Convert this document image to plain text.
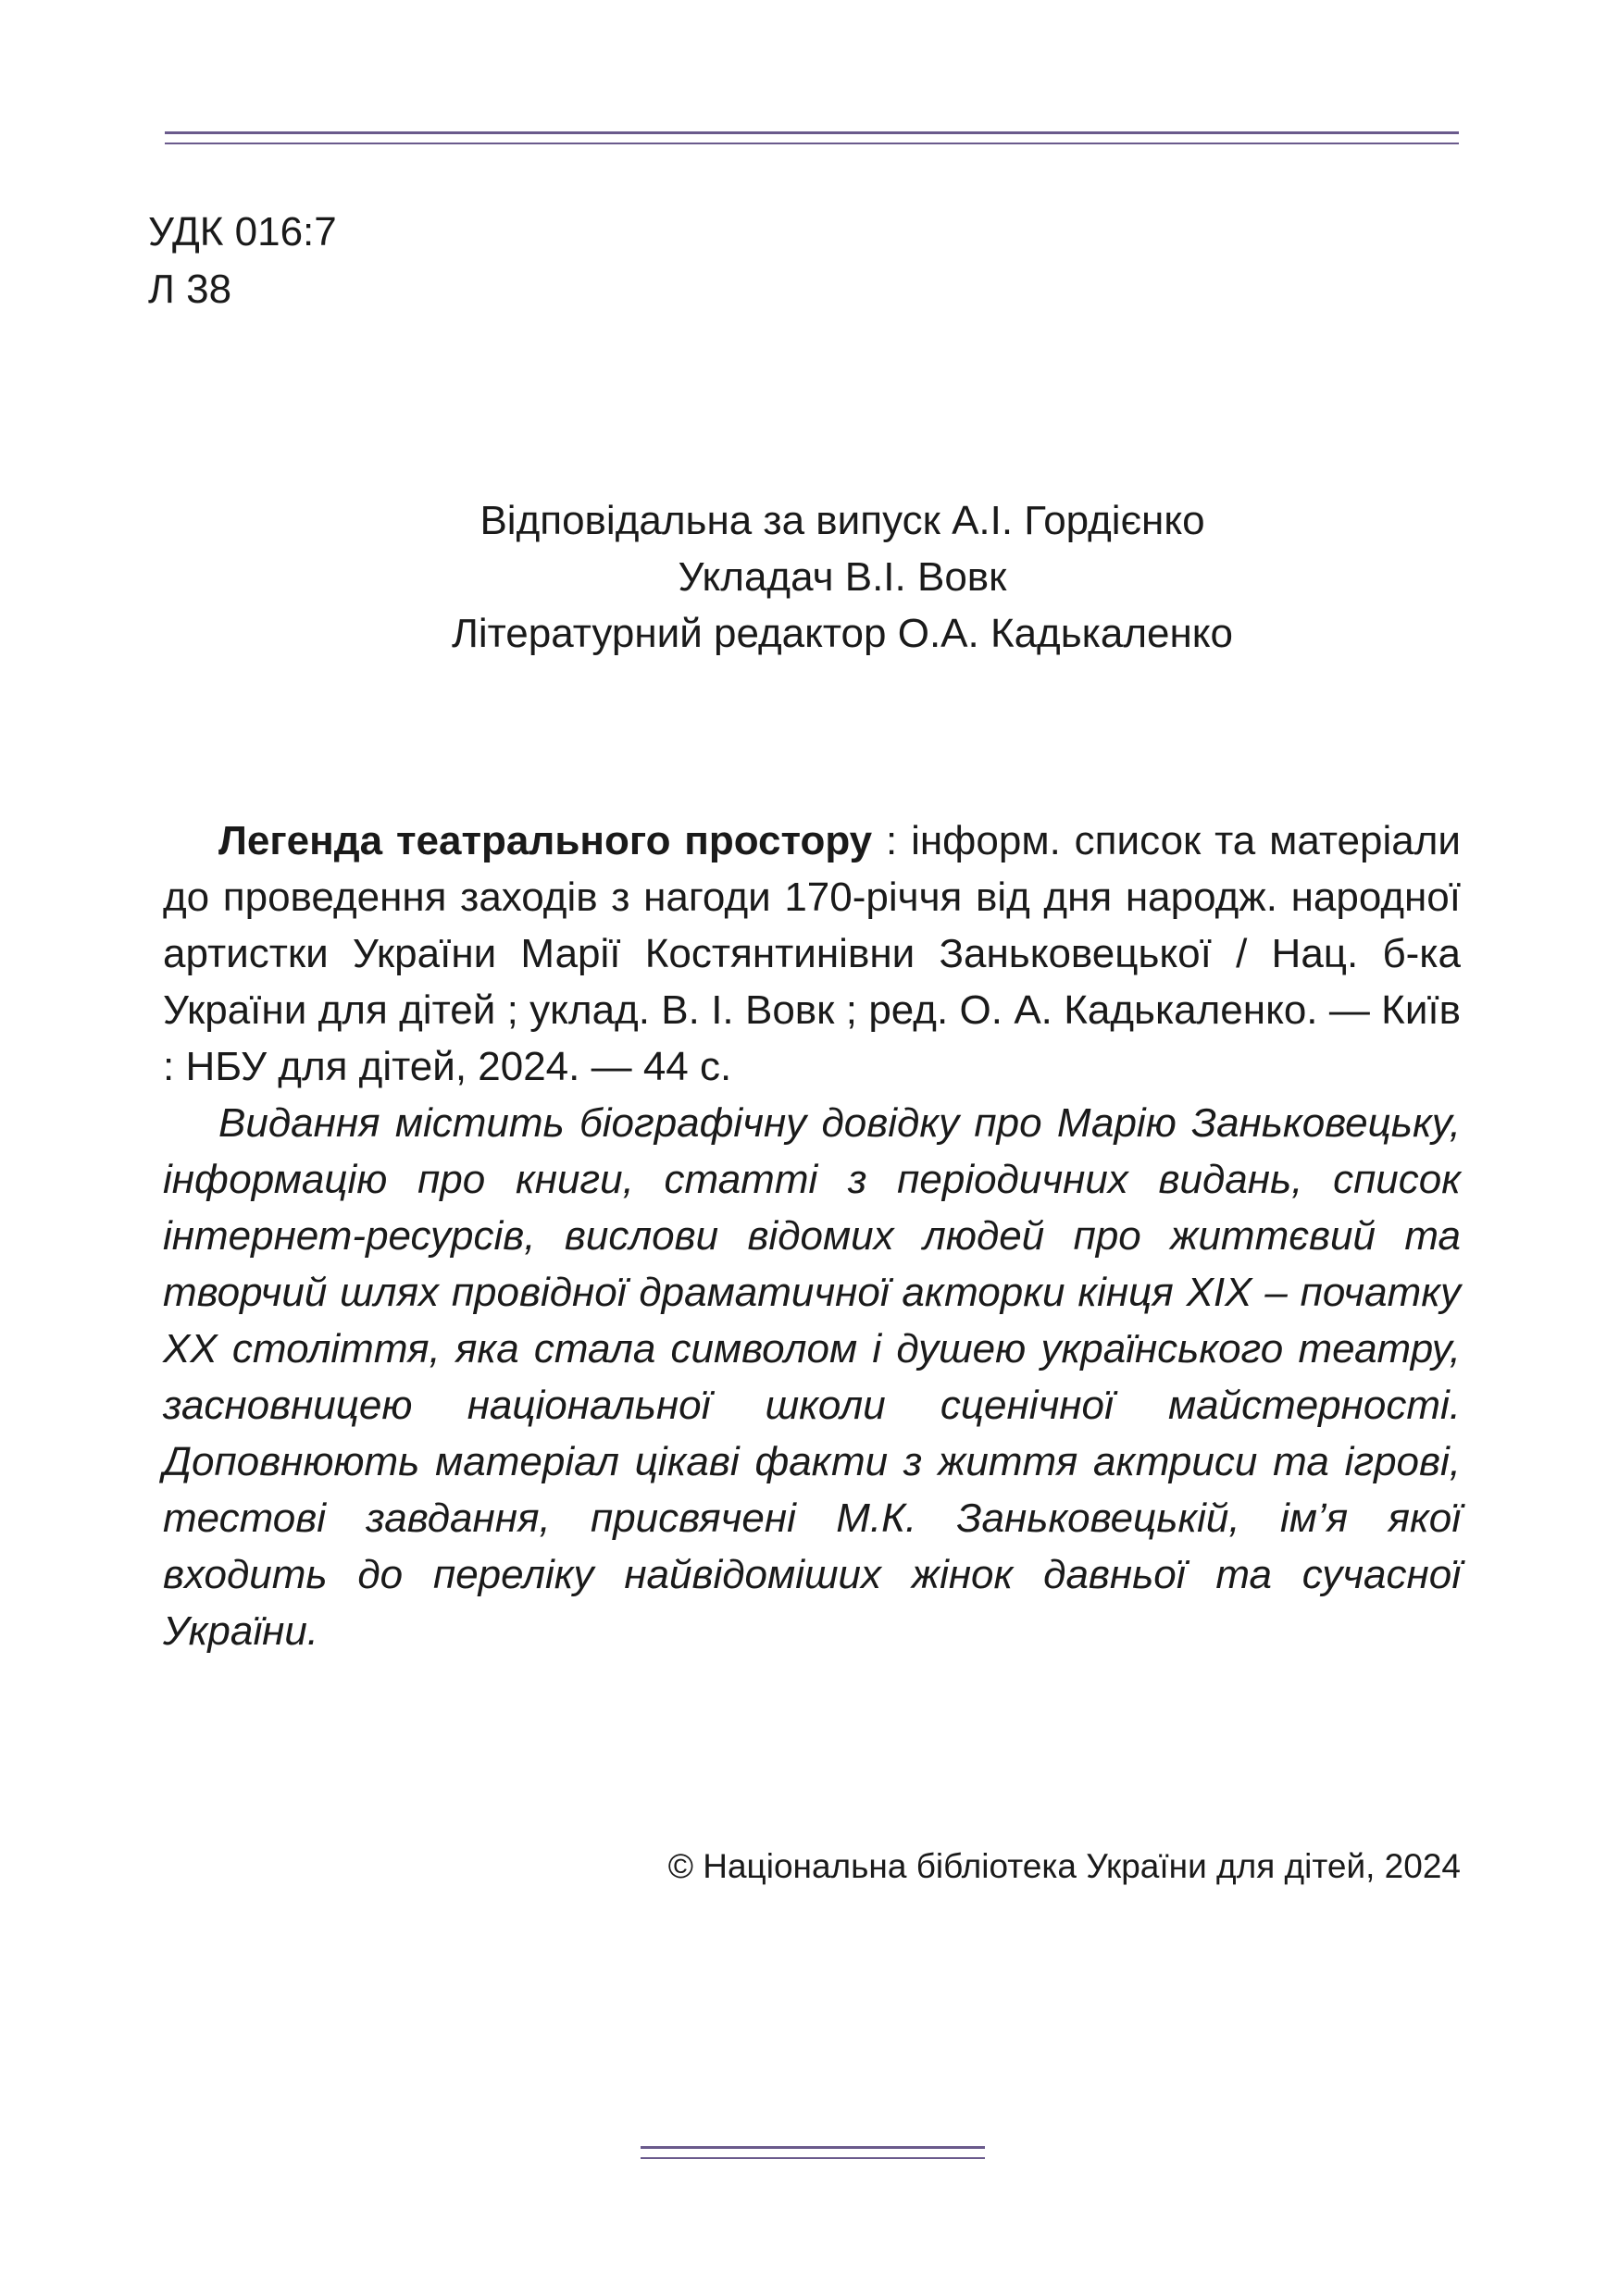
УДК 016:7
Л 38
Відповідальна за випуск А.І. Гордієнко
Укладач В.І. Вовк
Літературний редактор О.А. Кадькаленко

Легенда театрального простору : інформ. список та матеріали до проведення заходів з нагоди 170-річчя від дня народж. народної артистки України Марії Костянтинівни Заньковецької / Нац. б-ка України для дітей ; уклад. В. І. Вовк ; ред. О. А. Кадькаленко. — Київ : НБУ для дітей, 2024. — 44 с.

Видання містить біографічну довідку про Марію Заньковецьку, інформацію про книги, статті з періодичних видань, список інтернет-ресурсів, вислови відомих людей про життєвий та творчий шлях провідної драматичної акторки кінця XIX – початку XX століття, яка стала символом і душею українського театру, засновницею національної школи сценічної майстерності. Доповнюють матеріал цікаві факти з життя актриси та ігрові, тестові завдання, присвячені М.К. Заньковецькій, ім’я якої входить до переліку найвідоміших жінок давньої та сучасної України.

© Національна бібліотека України для дітей, 2024
